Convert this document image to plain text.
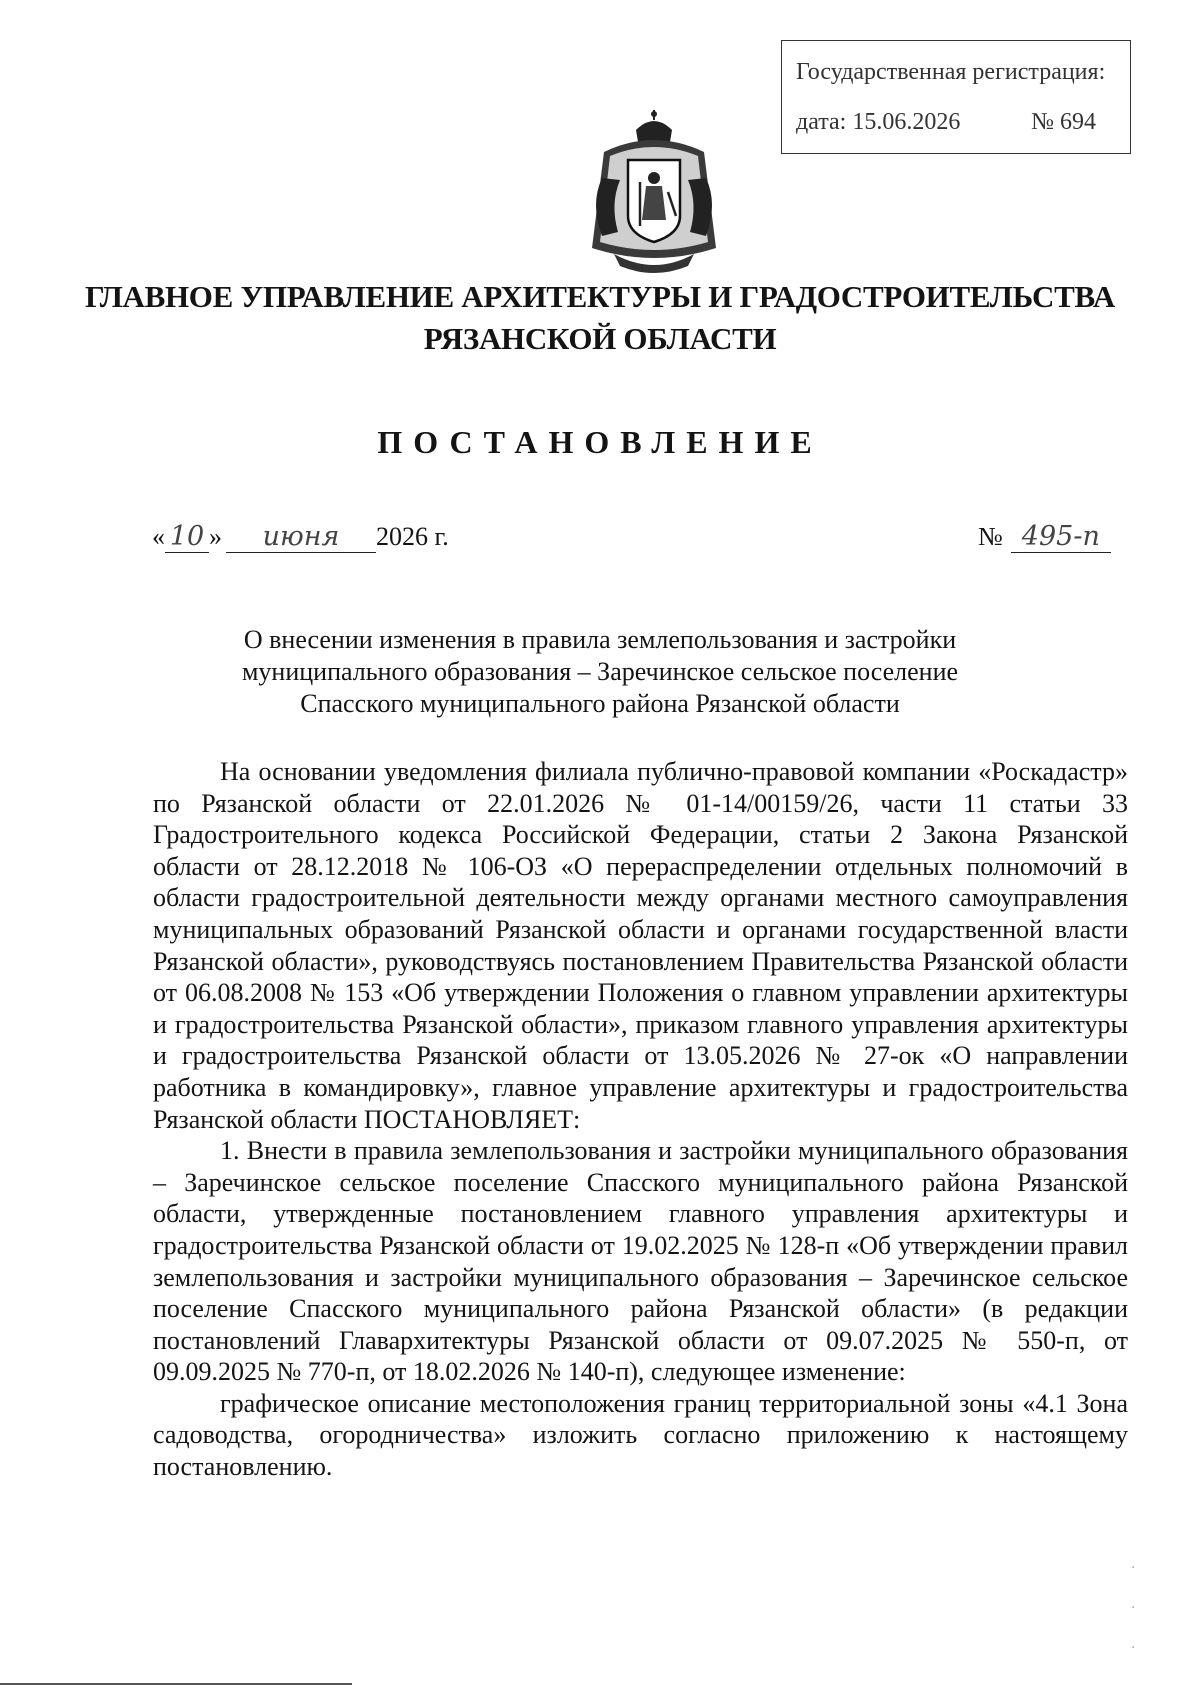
Государственная регистрация:
дата: 15.06.2026	№ 694
ГЛАВНОЕ УПРАВЛЕНИЕ АРХИТЕКТУРЫ И ГРАДОСТРОИТЕЛЬСТВА
РЯЗАНСКОЙ ОБЛАСТИ
ПОСТАНОВЛЕНИЕ
« 10 » июня 2026 г.	№ 495-п
О внесении изменения в правила землепользования и застройки
муниципального образования – Заречинское сельское поселение
Спасского муниципального района Рязанской области

На основании уведомления филиала публично-правовой компании «Роскадастр» по Рязанской области от 22.01.2026 № 01-14/00159/26, части 11 статьи 33 Градостроительного кодекса Российской Федерации, статьи 2 Закона Рязанской области от 28.12.2018 № 106-ОЗ «О перераспределении отдельных полномочий в области градостроительной деятельности между органами местного самоуправления муниципальных образований Рязанской области и органами государственной власти Рязанской области», руководствуясь постановлением Правительства Рязанской области от 06.08.2008 № 153 «Об утверждении Положения о главном управлении архитектуры и градостроительства Рязанской области», приказом главного управления архитектуры и градостроительства Рязанской области от 13.05.2026 № 27-ок «О направлении работника в командировку», главное управление архитектуры и градостроительства Рязанской области ПОСТАНОВЛЯЕТ:

1. Внести в правила землепользования и застройки муниципального образования – Заречинское сельское поселение Спасского муниципального района Рязанской области, утвержденные постановлением главного управления архитектуры и градостроительства Рязанской области от 19.02.2025 № 128-п «Об утверждении правил землепользования и застройки муниципального образования – Заречинское сельское поселение Спасского муниципального района Рязанской области» (в редакции постановлений Главархитектуры Рязанской области от 09.07.2025 № 550-п, от 09.09.2025 № 770-п, от 18.02.2026 № 140-п), следующее изменение:

графическое описание местоположения границ территориальной зоны «4.1 Зона садоводства, огородничества» изложить согласно приложению к настоящему постановлению.

·
·
·
